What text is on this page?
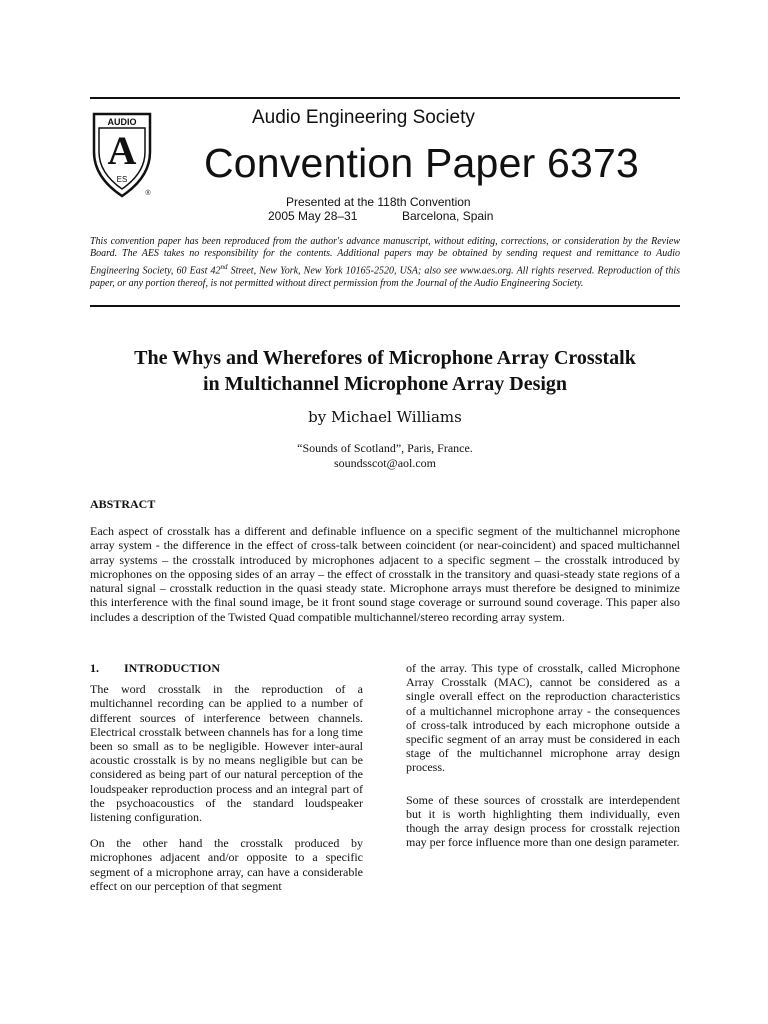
AUDIO
A
ES
®
Audio Engineering Society
Convention Paper 6373
Presented at the 118th Convention
2005 May 28–31	Barcelona, Spain
This convention paper has been reproduced from the author's advance manuscript, without editing, corrections, or consideration by the Review Board. The AES takes no responsibility for the contents. Additional papers may be obtained by sending request and remittance to Audio Engineering Society, 60 East 42nd Street, New York, New York 10165-2520, USA; also see www.aes.org. All rights reserved. Reproduction of this paper, or any portion thereof, is not permitted without direct permission from the Journal of the Audio Engineering Society.
The Whys and Wherefores of Microphone Array Crosstalk
in Multichannel Microphone Array Design
by Michael Williams
“Sounds of Scotland”, Paris, France.
soundsscot@aol.com
ABSTRACT
Each aspect of crosstalk has a different and definable influence on a specific segment of the multichannel microphone array system - the difference in the effect of cross-talk between coincident (or near-coincident) and spaced multichannel array systems – the crosstalk introduced by microphones adjacent to a specific segment – the crosstalk introduced by microphones on the opposing sides of an array – the effect of crosstalk in the transitory and quasi-steady state regions of a natural signal – crosstalk reduction in the quasi steady state. Microphone arrays must therefore be designed to minimize this interference with the final sound image, be it front sound stage coverage or surround sound coverage. This paper also includes a description of the Twisted Quad compatible multichannel/stereo recording array system.
1. INTRODUCTION
The word crosstalk in the reproduction of a multichannel recording can be applied to a number of different sources of interference between channels. Electrical crosstalk between channels has for a long time been so small as to be negligible. However inter-aural acoustic crosstalk is by no means negligible but can be considered as being part of our natural perception of the loudspeaker reproduction process and an integral part of the psychoacoustics of the standard loudspeaker listening configuration.
On the other hand the crosstalk produced by microphones adjacent and/or opposite to a specific segment of a microphone array, can have a considerable effect on our perception of that segment
of the array. This type of crosstalk, called Microphone Array Crosstalk (MAC), cannot be considered as a single overall effect on the reproduction characteristics of a multichannel microphone array - the consequences of cross-talk introduced by each microphone outside a specific segment of an array must be considered in each stage of the multichannel microphone array design process.
Some of these sources of crosstalk are interdependent but it is worth highlighting them individually, even though the array design process for crosstalk rejection may per force influence more than one design parameter.
